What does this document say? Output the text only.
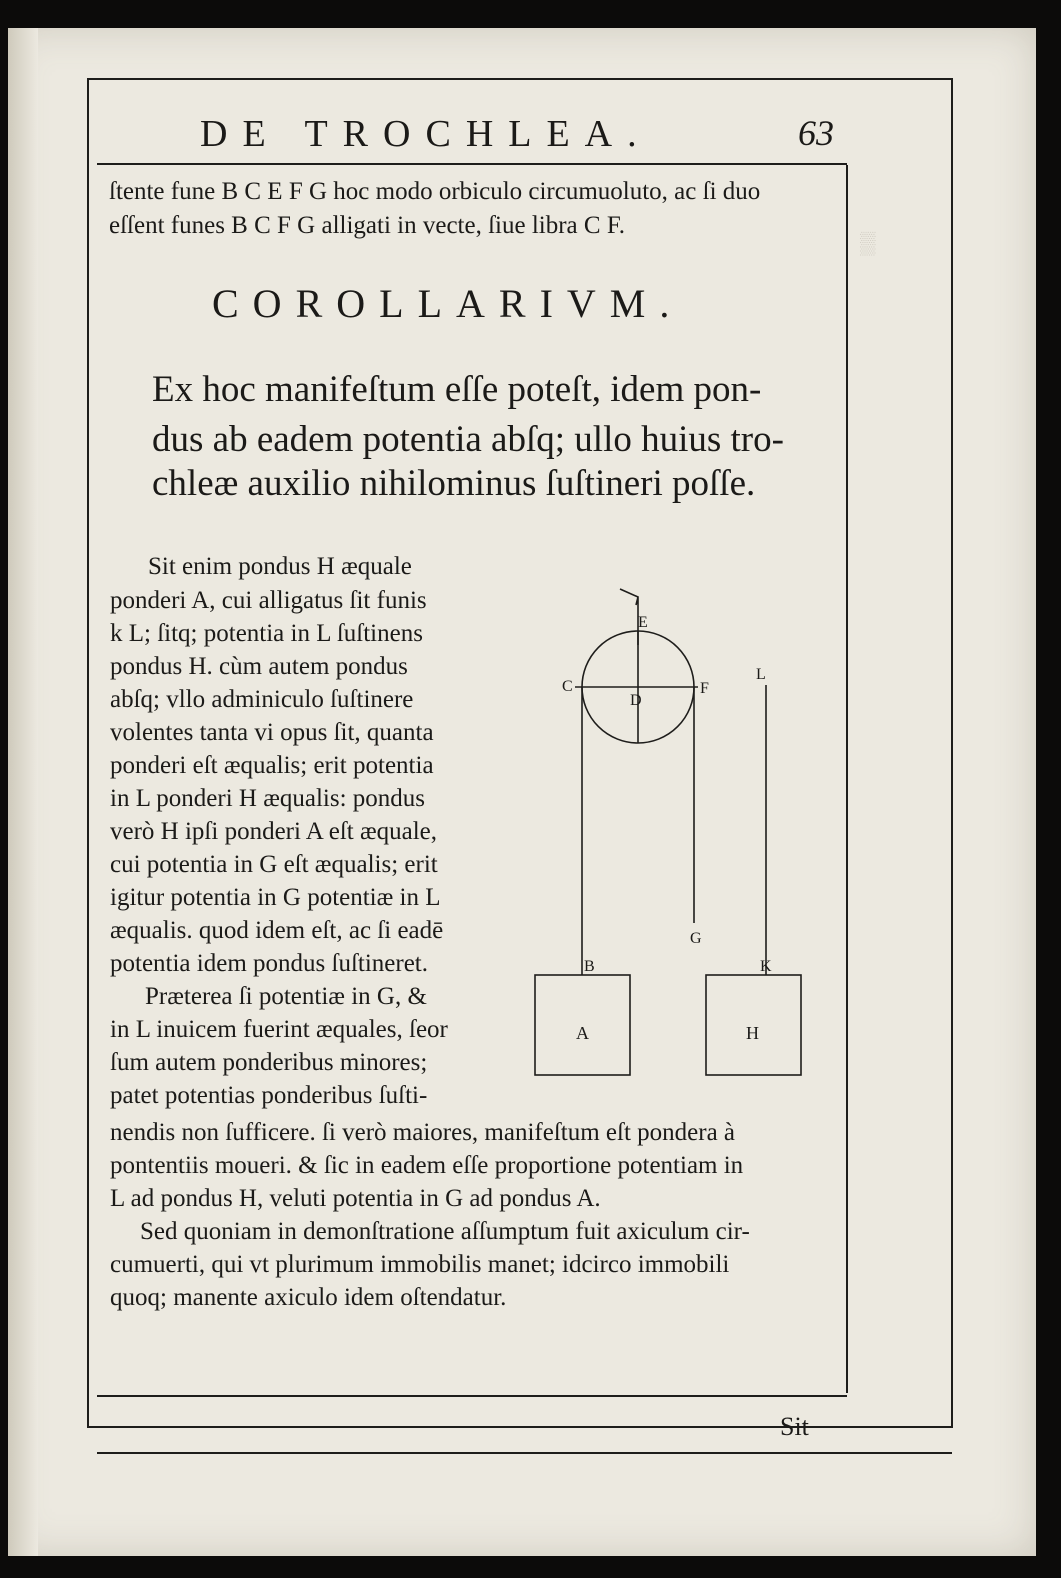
▒
DE TROCHLEA.	63
ſtente fune B C E F G hoc modo orbiculo circumuoluto, ac ſi duo
eſſent funes B C F G alligati in vecte, ſiue libra C F.
COROLLARIVM.
Ex hoc manifeſtum eſſe poteſt, idem pon-
dus ab eadem potentia abſq; ullo huius tro-
chleæ auxilio nihilominus ſuſtineri poſſe.
Sit enim pondus H æquale
ponderi A, cui alligatus ſit funis
k L; ſitq; potentia in L ſuſtinens
pondus H. cùm autem pondus
abſq; vllo adminiculo ſuſtinere
volentes tanta vi opus ſit, quanta
ponderi eſt æqualis; erit potentia
in L ponderi H æqualis: pondus
verò H ipſi ponderi A eſt æquale,
cui potentia in G eſt æqualis; erit
igitur potentia in G potentiæ in L
æqualis. quod idem eſt, ac ſi eadē
potentia idem pondus ſuſtineret.
Præterea ſi potentiæ in G, &
in L inuicem fuerint æquales, ſeor
ſum autem ponderibus minores;
patet potentias ponderibus ſuſti-
nendis non ſufficere. ſi verò maiores, manifeſtum eſt pondera à
pontentiis moueri. & ſic in eadem eſſe proportione potentiam in
L ad pondus H, veluti potentia in G ad pondus A.
Sed quoniam in demonſtratione aſſumptum fuit axiculum cir-
cumuerti, qui vt plurimum immobilis manet; idcirco immobili
quoq; manente axiculo idem oſtendatur.
E
C
D
F
L
G
B	K
A	H
Sit
